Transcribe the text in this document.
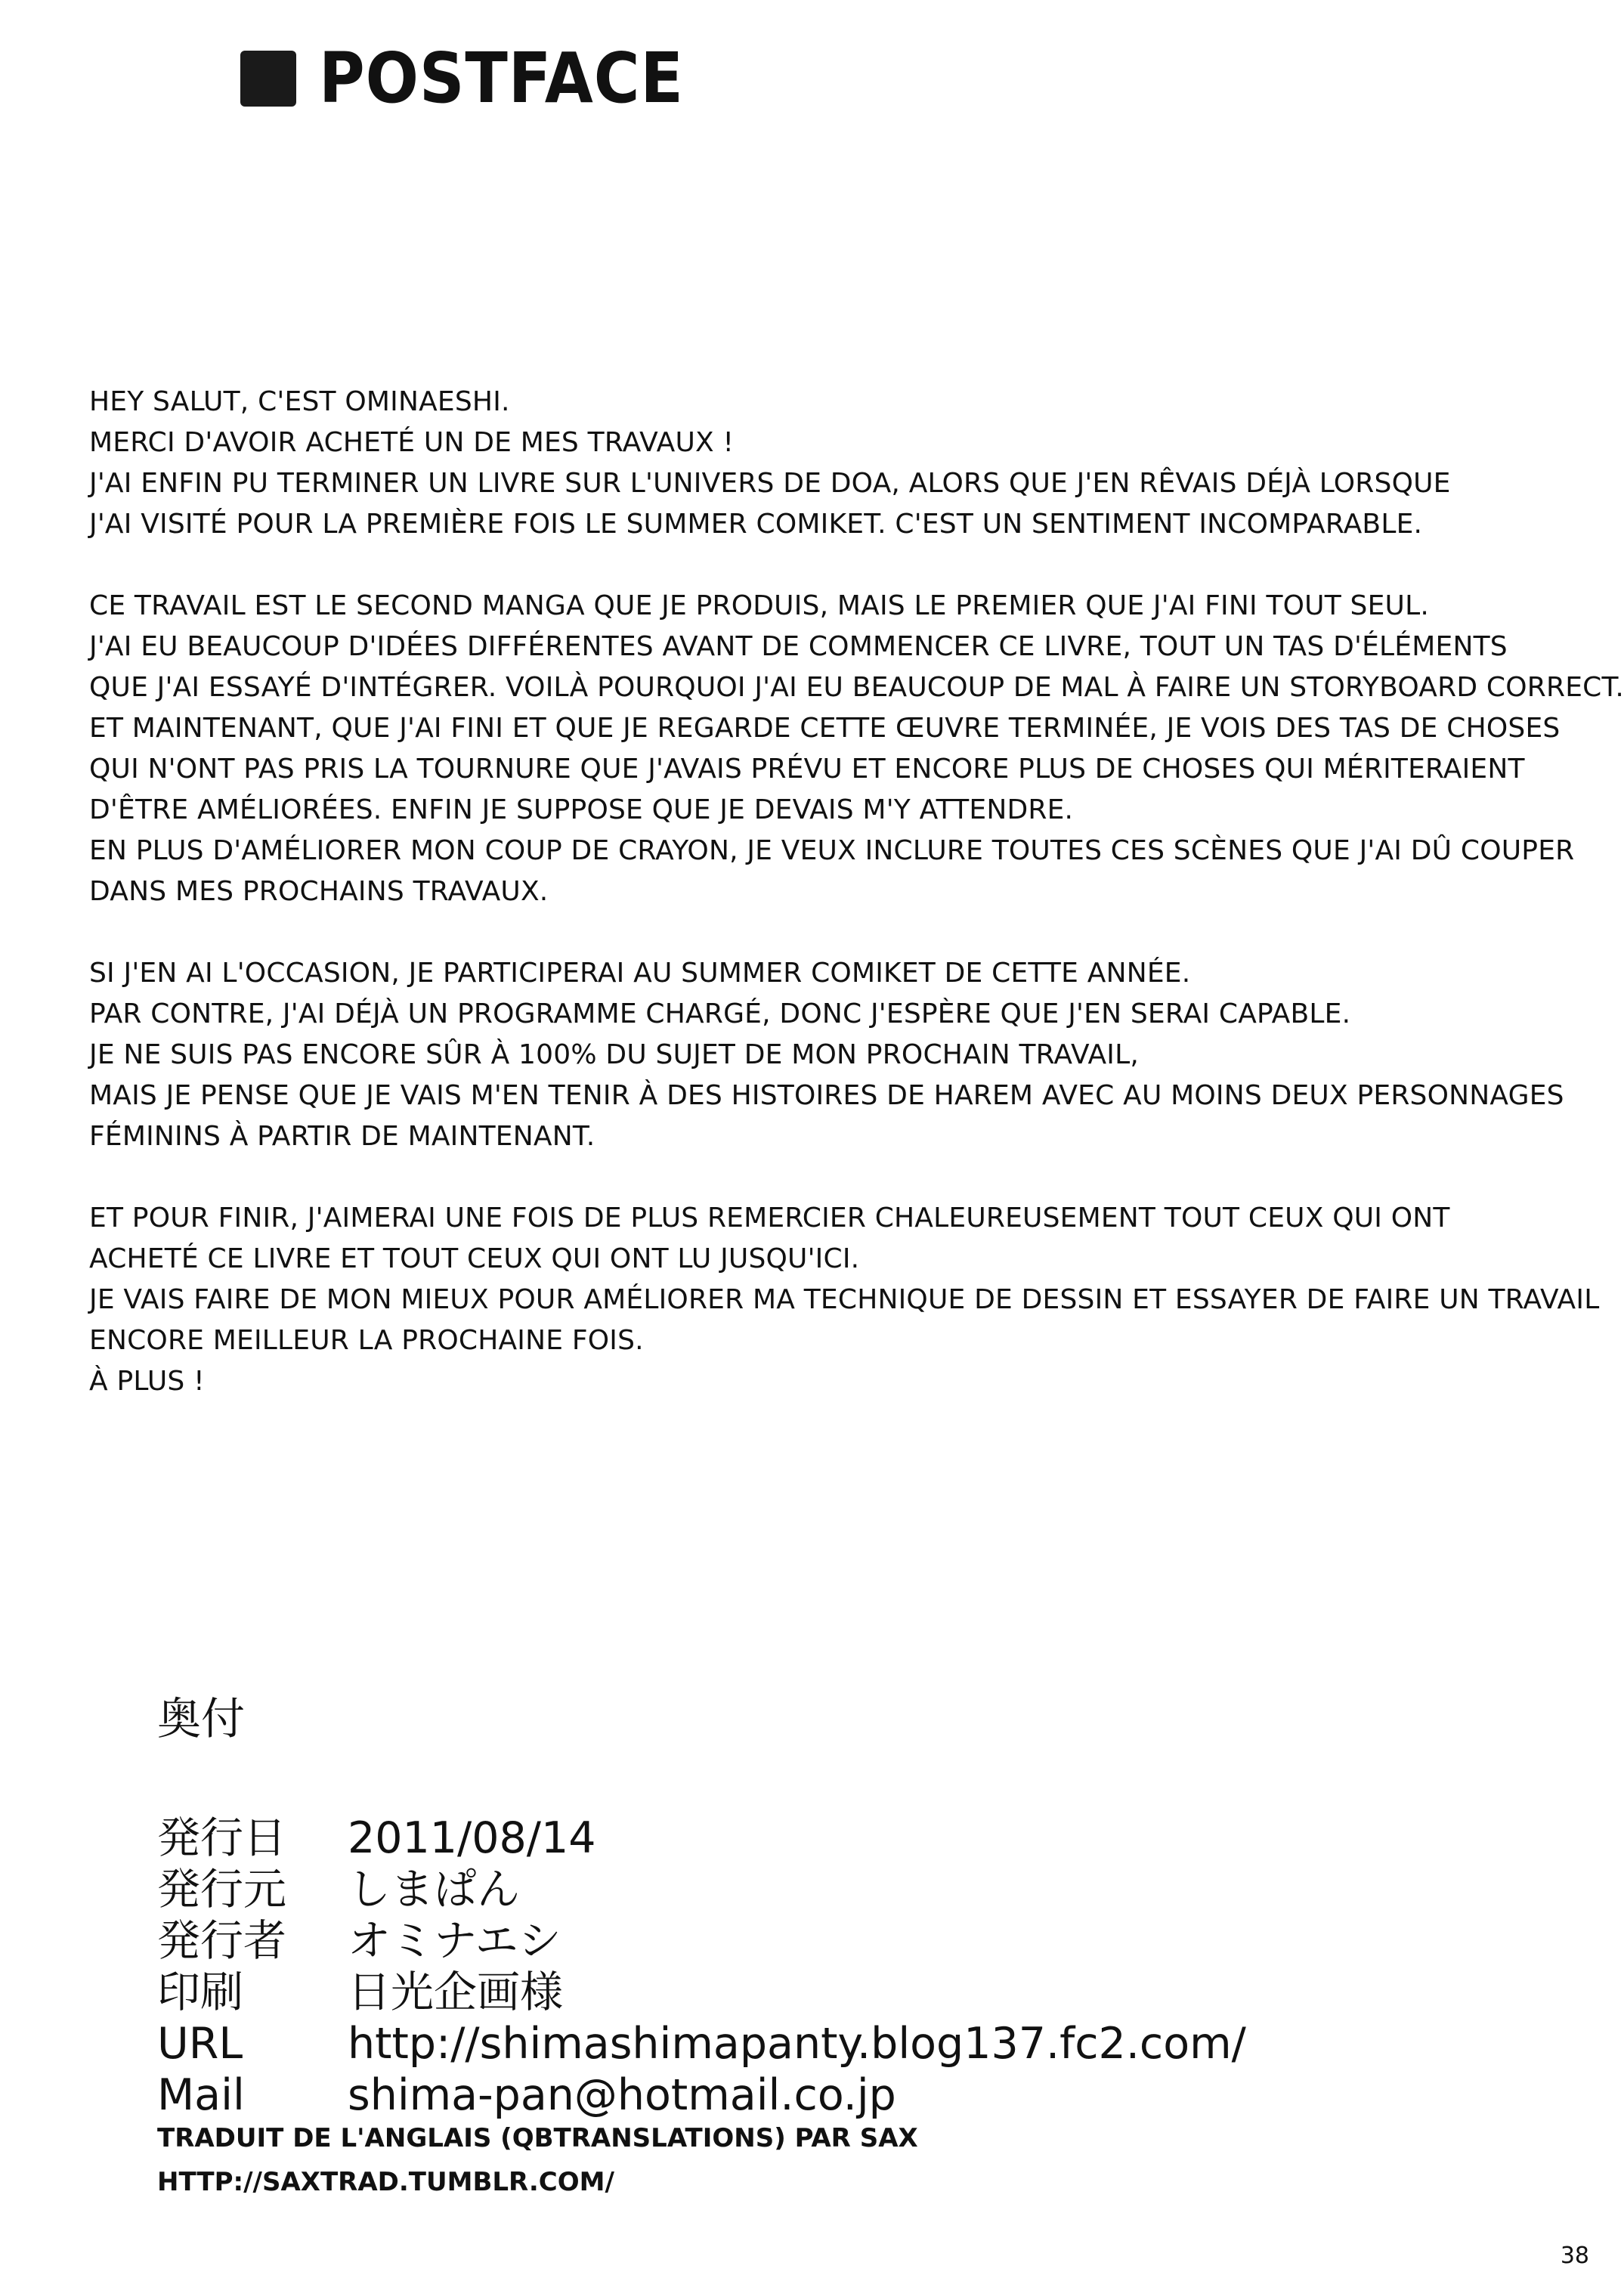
POSTFACE
HEY SALUT, C'EST OMINAESHI.
MERCI D'AVOIR ACHETÉ UN DE MES TRAVAUX !
J'AI ENFIN PU TERMINER UN LIVRE SUR L'UNIVERS DE DOA, ALORS QUE J'EN RÊVAIS DÉJÀ LORSQUE
J'AI VISITÉ POUR LA PREMIÈRE FOIS LE SUMMER COMIKET. C'EST UN SENTIMENT INCOMPARABLE.
CE TRAVAIL EST LE SECOND MANGA QUE JE PRODUIS, MAIS LE PREMIER QUE J'AI FINI TOUT SEUL.
J'AI EU BEAUCOUP D'IDÉES DIFFÉRENTES AVANT DE COMMENCER CE LIVRE, TOUT UN TAS D'ÉLÉMENTS
QUE J'AI ESSAYÉ D'INTÉGRER. VOILÀ POURQUOI J'AI EU BEAUCOUP DE MAL À FAIRE UN STORYBOARD CORRECT.
ET MAINTENANT, QUE J'AI FINI ET QUE JE REGARDE CETTE ŒUVRE TERMINÉE, JE VOIS DES TAS DE CHOSES
QUI N'ONT PAS PRIS LA TOURNURE QUE J'AVAIS PRÉVU ET ENCORE PLUS DE CHOSES QUI MÉRITERAIENT
D'ÊTRE AMÉLIORÉES. ENFIN JE SUPPOSE QUE JE DEVAIS M'Y ATTENDRE.
EN PLUS D'AMÉLIORER MON COUP DE CRAYON, JE VEUX INCLURE TOUTES CES SCÈNES QUE J'AI DÛ COUPER
DANS MES PROCHAINS TRAVAUX.
SI J'EN AI L'OCCASION, JE PARTICIPERAI AU SUMMER COMIKET DE CETTE ANNÉE.
PAR CONTRE, J'AI DÉJÀ UN PROGRAMME CHARGÉ, DONC J'ESPÈRE QUE J'EN SERAI CAPABLE.
JE NE SUIS PAS ENCORE SÛR À 100% DU SUJET DE MON PROCHAIN TRAVAIL,
MAIS JE PENSE QUE JE VAIS M'EN TENIR À DES HISTOIRES DE HAREM AVEC AU MOINS DEUX PERSONNAGES
FÉMININS À PARTIR DE MAINTENANT.
ET POUR FINIR, J'AIMERAI UNE FOIS DE PLUS REMERCIER CHALEUREUSEMENT TOUT CEUX QUI ONT
ACHETÉ CE LIVRE ET TOUT CEUX QUI ONT LU JUSQU'ICI.
JE VAIS FAIRE DE MON MIEUX POUR AMÉLIORER MA TECHNIQUE DE DESSIN ET ESSAYER DE FAIRE UN TRAVAIL
ENCORE MEILLEUR LA PROCHAINE FOIS.
À PLUS !
奥付
発行日	2011/08/14
発行元	しまぱん
発行者	オミナエシ
印刷	日光企画様
URL	http://shimashimapanty.blog137.fc2.com/
Mail	shima-pan@hotmail.co.jp
TRADUIT DE L'ANGLAIS (QBTRANSLATIONS) PAR SAX
HTTP://SAXTRAD.TUMBLR.COM/
38
